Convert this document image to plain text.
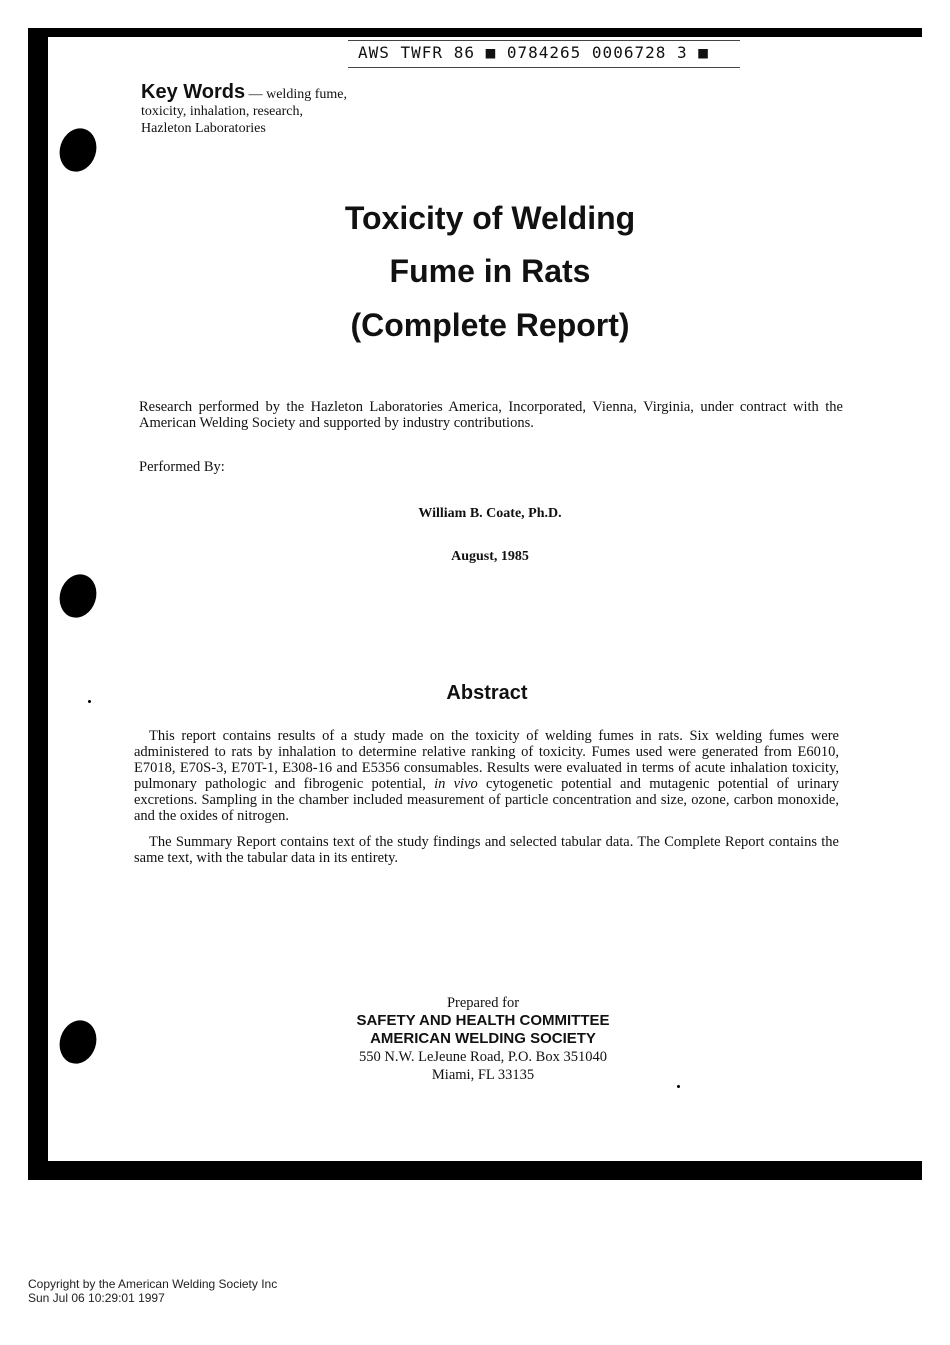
AWS TWFR 86 ■ 0784265 0006728 3 ■
Key Words — welding fume,
toxicity, inhalation, research,
Hazleton Laboratories
Toxicity of Welding
Fume in Rats
(Complete Report)
Research performed by the Hazleton Laboratories America, Incorporated, Vienna, Virginia, under contract with the American Welding Society and supported by industry contributions.
Performed By:
William B. Coate, Ph.D.
August, 1985
Abstract
This report contains results of a study made on the toxicity of welding fumes in rats. Six welding fumes were administered to rats by inhalation to determine relative ranking of toxicity. Fumes used were generated from E6010, E7018, E70S-3, E70T-1, E308-16 and E5356 consumables. Results were evaluated in terms of acute inhalation toxicity, pulmonary pathologic and fibrogenic potential, in vivo cytogenetic potential and mutagenic potential of urinary excretions. Sampling in the chamber included measurement of particle concentration and size, ozone, carbon monoxide, and the oxides of nitrogen.
The Summary Report contains text of the study findings and selected tabular data. The Complete Report contains the same text, with the tabular data in its entirety.
Prepared for
SAFETY AND HEALTH COMMITTEE
AMERICAN WELDING SOCIETY
550 N.W. LeJeune Road, P.O. Box 351040
Miami, FL 33135
Copyright by the American Welding Society Inc
Sun Jul 06 10:29:01 1997
